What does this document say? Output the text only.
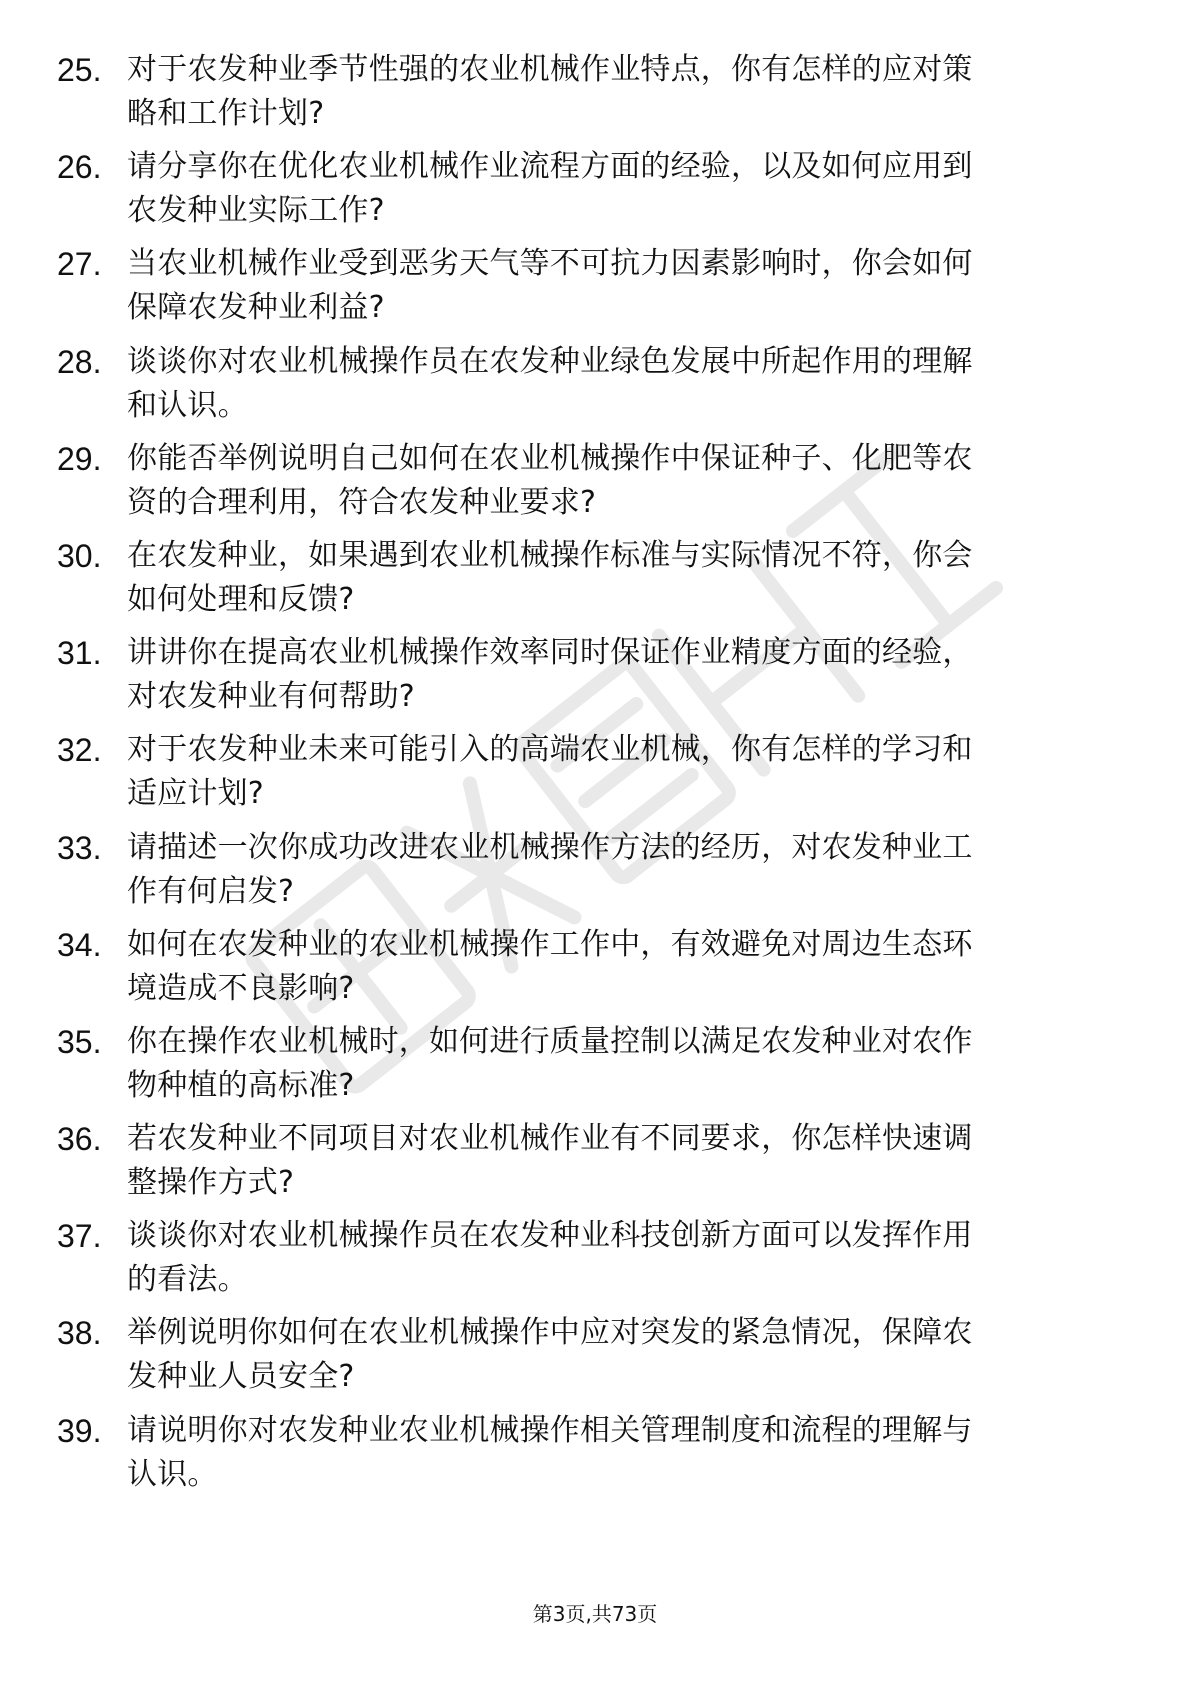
25. 对于农发种业季节性强的农业机械作业特点，你有怎样的应对策
略和工作计划?
26. 请分享你在优化农业机械作业流程方面的经验，以及如何应用到
农发种业实际工作?
27. 当农业机械作业受到恶劣天气等不可抗力因素影响时，你会如何
保障农发种业利益?
28. 谈谈你对农业机械操作员在农发种业绿色发展中所起作用的理解
和认识。
29. 你能否举例说明自己如何在农业机械操作中保证种子、化肥等农
资的合理利用，符合农发种业要求?
30. 在农发种业，如果遇到农业机械操作标准与实际情况不符，你会
如何处理和反馈?
31. 讲讲你在提高农业机械操作效率同时保证作业精度方面的经验，
对农发种业有何帮助?
32. 对于农发种业未来可能引入的高端农业机械，你有怎样的学习和
适应计划?
33. 请描述一次你成功改进农业机械操作方法的经历，对农发种业工
作有何启发?
34. 如何在农发种业的农业机械操作工作中，有效避免对周边生态环
境造成不良影响?
35. 你在操作农业机械时，如何进行质量控制以满足农发种业对农作
物种植的高标准?
36. 若农发种业不同项目对农业机械作业有不同要求，你怎样快速调
整操作方式?
37. 谈谈你对农业机械操作员在农发种业科技创新方面可以发挥作用
的看法。
38. 举例说明你如何在农业机械操作中应对突发的紧急情况，保障农
发种业人员安全?
39. 请说明你对农发种业农业机械操作相关管理制度和流程的理解与
认识。
第3页,共73页
